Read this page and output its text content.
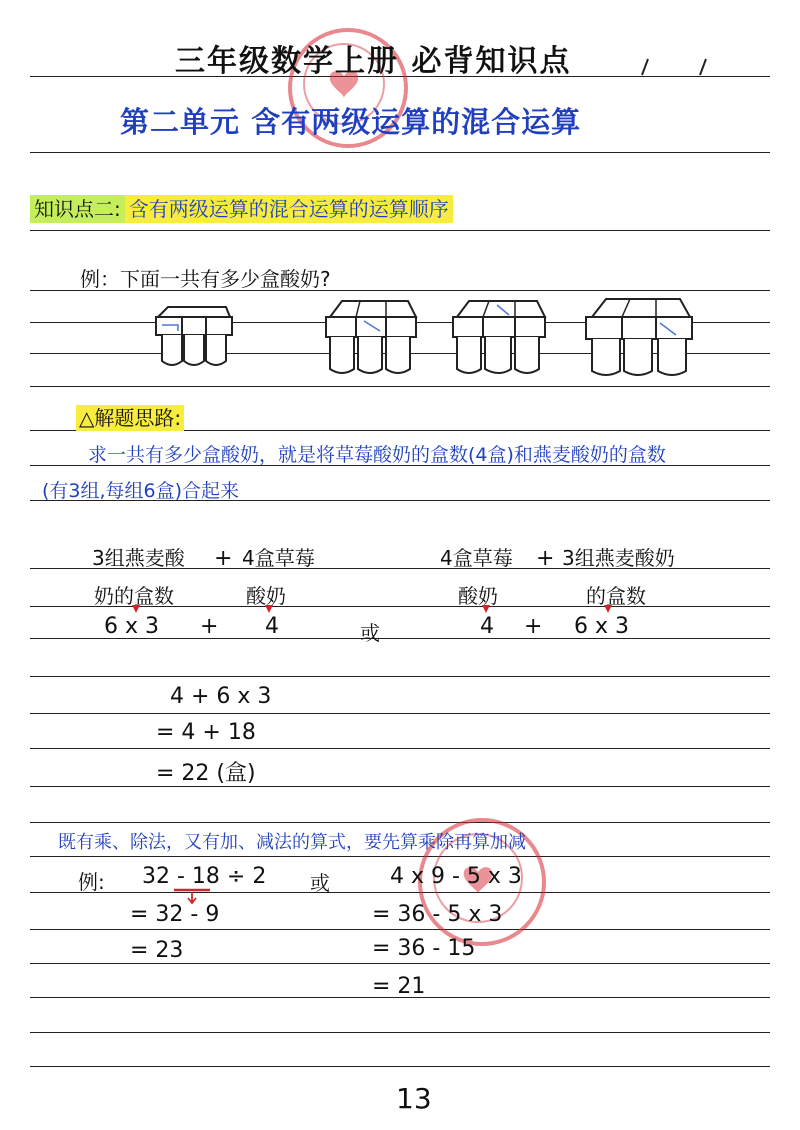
三年级数学上册 必背知识点
第二单元 含有两级运算的混合运算
知识点二: 含有两级运算的混合运算的运算顺序
例：下面一共有多少盒酸奶?
△解题思路:
求一共有多少盒酸奶，就是将草莓酸奶的盒数(4盒)和燕麦酸奶的盒数
(有3组,每组6盒)合起来
3组燕麦酸 + 4盒草莓
奶的盒数	酸奶
6 x 3 + 4	或
4盒草莓 + 3组燕麦酸奶
酸奶	的盒数
4 + 6 x 3
4 + 6 x 3
= 4 + 18
= 22 (盒)
既有乘、除法，又有加、减法的算式，要先算乘除再算加减
例: 32 - 18 ÷ 2
= 32 - 9
= 23
或	4 x 9 - 5 x 3
= 36 - 5 x 3
= 36 - 15
= 21
13
